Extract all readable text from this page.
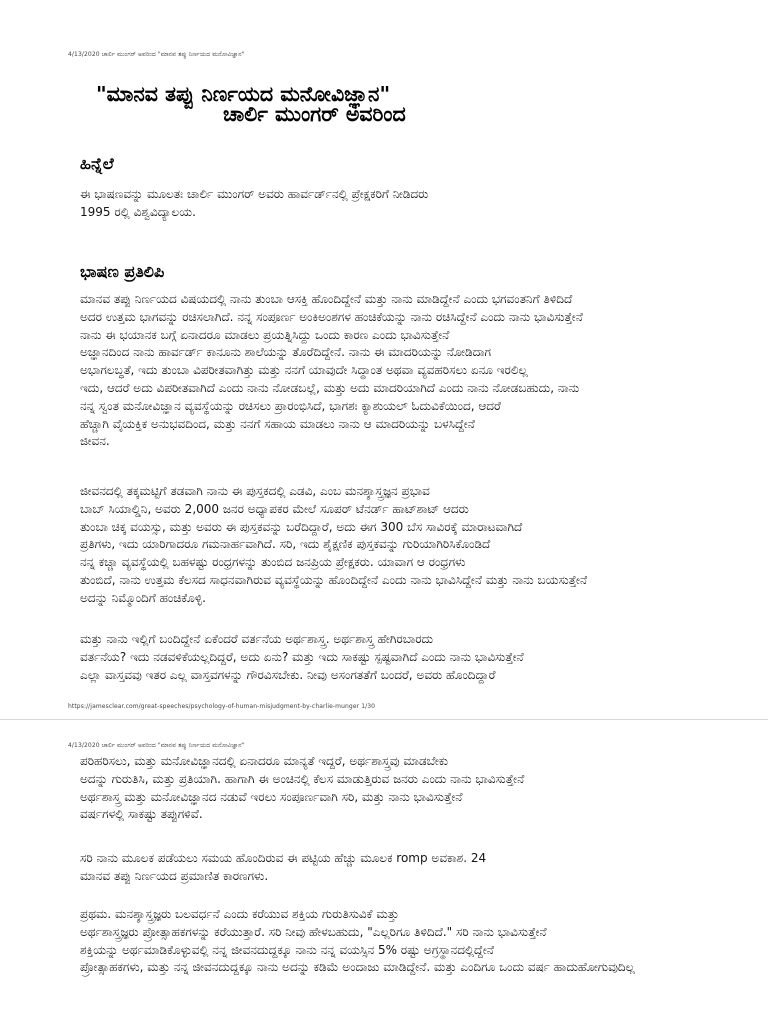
4/13/2020 ಚಾರ್ಲಿ ಮುಂಗರ್ ಅವರಿಂದ "ಮಾನವ ತಪ್ಪು ನಿರ್ಣಯದ ಮನೋವಿಜ್ಞಾನ"
"ಮಾನವ ತಪ್ಪು ನಿರ್ಣಯದ ಮನೋವಿಜ್ಞಾನ"
ಚಾರ್ಲಿ ಮುಂಗರ್ ಅವರಿಂದ
ಹಿನ್ನೆಲೆ
ಈ ಭಾಷಣವನ್ನು ಮೂಲತಃ ಚಾರ್ಲಿ ಮುಂಗರ್ ಅವರು ಹಾರ್ವರ್ಡ್‌ನಲ್ಲಿ ಪ್ರೇಕ್ಷಕರಿಗೆ ನೀಡಿದರು
1995 ರಲ್ಲಿ ವಿಶ್ವವಿದ್ಯಾಲಯ.
ಭಾಷಣ ಪ್ರತಿಲಿಪಿ
ಮಾನವ ತಪ್ಪು ನಿರ್ಣಯದ ವಿಷಯದಲ್ಲಿ ನಾನು ತುಂಬಾ ಆಸಕ್ತಿ ಹೊಂದಿದ್ದೇನೆ ಮತ್ತು ನಾನು ಮಾಡಿದ್ದೇನೆ ಎಂದು ಭಗವಂತನಿಗೆ ತಿಳಿದಿದೆ
ಅದರ ಉತ್ತಮ ಭಾಗವನ್ನು ರಚಿಸಲಾಗಿದೆ. ನನ್ನ ಸಂಪೂರ್ಣ ಅಂಕಿಅಂಶಗಳ ಹಂಚಿಕೆಯನ್ನು ನಾನು ರಚಿಸಿದ್ದೇನೆ ಎಂದು ನಾನು ಭಾವಿಸುತ್ತೇನೆ
ನಾನು ಈ ಭಯಾನಕ ಬಗ್ಗೆ ಏನಾದರೂ ಮಾಡಲು ಪ್ರಯತ್ನಿಸಿದ್ದು ಒಂದು ಕಾರಣ ಎಂದು ಭಾವಿಸುತ್ತೇನೆ
ಅಜ್ಞಾನದಿಂದ ನಾನು ಹಾರ್ವರ್ಡ್ ಕಾನೂನು ಶಾಲೆಯನ್ನು ತೊರೆದಿದ್ದೇನೆ. ನಾನು ಈ ಮಾದರಿಯನ್ನು ನೋಡಿದಾಗ
ಅಭಾಗಲಬ್ಧತೆ, ಇದು ತುಂಬಾ ವಿಪರೀತವಾಗಿತ್ತು ಮತ್ತು ನನಗೆ ಯಾವುದೇ ಸಿದ್ಧಾಂತ ಅಥವಾ ವ್ಯವಹರಿಸಲು ಏನೂ ಇರಲಿಲ್ಲ
ಇದು, ಆದರೆ ಅದು ವಿಪರೀತವಾಗಿದೆ ಎಂದು ನಾನು ನೋಡಬಲ್ಲೆ, ಮತ್ತು ಅದು ಮಾದರಿಯಾಗಿದೆ ಎಂದು ನಾನು ನೋಡಬಹುದು, ನಾನು
ನನ್ನ ಸ್ವಂತ ಮನೋವಿಜ್ಞಾನ ವ್ಯವಸ್ಥೆಯನ್ನು ರಚಿಸಲು ಪ್ರಾರಂಭಿಸಿದೆ, ಭಾಗಶಃ ಕ್ಯಾಶುಯಲ್ ಓದುವಿಕೆಯಿಂದ, ಆದರೆ
ಹೆಚ್ಚಾಗಿ ವೈಯಕ್ತಿಕ ಅನುಭವದಿಂದ, ಮತ್ತು ನನಗೆ ಸಹಾಯ ಮಾಡಲು ನಾನು ಆ ಮಾದರಿಯನ್ನು ಬಳಸಿದ್ದೇನೆ
ಜೀವನ.
ಜೀವನದಲ್ಲಿ ತಕ್ಕಮಟ್ಟಿಗೆ ತಡವಾಗಿ ನಾನು ಈ ಪುಸ್ತಕದಲ್ಲಿ ಎಡವಿ, ಎಂಬ ಮನಶ್ಶಾಸ್ತ್ರಜ್ಞನ ಪ್ರಭಾವ
ಬಾಬ್ ಸಿಯಾಲ್ಡಿನಿ, ಅವರು 2,000 ಜನರ ಅಧ್ಯಾಪಕರ ಮೇಲೆ ಸೂಪರ್ ಟೆನರ್ಡ್ ಹಾಟ್‌ಶಾಟ್ ಆದರು
ತುಂಬಾ ಚಿಕ್ಕ ವಯಸ್ಸು, ಮತ್ತು ಅವರು ಈ ಪುಸ್ತಕವನ್ನು ಬರೆದಿದ್ದಾರೆ, ಅದು ಈಗ 300 ಬೆಸ ಸಾವಿರಕ್ಕೆ ಮಾರಾಟವಾಗಿದೆ
ಪ್ರತಿಗಳು, ಇದು ಯಾರಿಗಾದರೂ ಗಮನಾರ್ಹವಾಗಿದೆ. ಸರಿ, ಇದು ಶೈಕ್ಷಣಿಕ ಪುಸ್ತಕವನ್ನು ಗುರಿಯಾಗಿರಿಸಿಕೊಂಡಿದೆ
ನನ್ನ ಕಚ್ಚಾ ವ್ಯವಸ್ಥೆಯಲ್ಲಿ ಬಹಳಷ್ಟು ರಂಧ್ರಗಳನ್ನು ತುಂಬಿದ ಜನಪ್ರಿಯ ಪ್ರೇಕ್ಷಕರು. ಯಾವಾಗ ಆ ರಂಧ್ರಗಳು
ತುಂಬಿದೆ, ನಾನು ಉತ್ತಮ ಕೆಲಸದ ಸಾಧನವಾಗಿರುವ ವ್ಯವಸ್ಥೆಯನ್ನು ಹೊಂದಿದ್ದೇನೆ ಎಂದು ನಾನು ಭಾವಿಸಿದ್ದೇನೆ ಮತ್ತು ನಾನು ಬಯಸುತ್ತೇನೆ
ಅದನ್ನು ನಿಮ್ಮೊಂದಿಗೆ ಹಂಚಿಕೊಳ್ಳಿ.
ಮತ್ತು ನಾನು ಇಲ್ಲಿಗೆ ಬಂದಿದ್ದೇನೆ ಏಕೆಂದರೆ ವರ್ತನೆಯ ಅರ್ಥಶಾಸ್ತ್ರ. ಅರ್ಥಶಾಸ್ತ್ರ ಹೇಗಿರಬಾರದು
ವರ್ತನೆಯ? ಇದು ನಡವಳಿಕೆಯಲ್ಲದಿದ್ದರೆ, ಅದು ಏನು? ಮತ್ತು ಇದು ಸಾಕಷ್ಟು ಸ್ಪಷ್ಟವಾಗಿದೆ ಎಂದು ನಾನು ಭಾವಿಸುತ್ತೇನೆ
ಎಲ್ಲಾ ವಾಸ್ತವವು ಇತರ ಎಲ್ಲ ವಾಸ್ತವಗಳನ್ನು ಗೌರವಿಸಬೇಕು. ನೀವು ಅಸಂಗತತೆಗೆ ಬಂದರೆ, ಅವರು ಹೊಂದಿದ್ದಾರೆ
https://jamesclear.com/great-speeches/psychology-of-human-misjudgment-by-charlie-munger 1/30
4/13/2020 ಚಾರ್ಲಿ ಮುಂಗರ್ ಅವರಿಂದ "ಮಾನವ ತಪ್ಪು ನಿರ್ಣಯದ ಮನೋವಿಜ್ಞಾನ"
ಪರಿಹರಿಸಲು, ಮತ್ತು ಮನೋವಿಜ್ಞಾನದಲ್ಲಿ ಏನಾದರೂ ಮಾನ್ಯತೆ ಇದ್ದರೆ, ಅರ್ಥಶಾಸ್ತ್ರವು ಮಾಡಬೇಕು
ಅದನ್ನು ಗುರುತಿಸಿ, ಮತ್ತು ಪ್ರತಿಯಾಗಿ. ಹಾಗಾಗಿ ಈ ಅಂಚಿನಲ್ಲಿ ಕೆಲಸ ಮಾಡುತ್ತಿರುವ ಜನರು ಎಂದು ನಾನು ಭಾವಿಸುತ್ತೇನೆ
ಅರ್ಥಶಾಸ್ತ್ರ ಮತ್ತು ಮನೋವಿಜ್ಞಾನದ ನಡುವೆ ಇರಲು ಸಂಪೂರ್ಣವಾಗಿ ಸರಿ, ಮತ್ತು ನಾನು ಭಾವಿಸುತ್ತೇನೆ
ವರ್ಷಗಳಲ್ಲಿ ಸಾಕಷ್ಟು ತಪ್ಪುಗಳಿವೆ.
ಸರಿ ನಾನು ಮೂಲಕ ಪಡೆಯಲು ಸಮಯ ಹೊಂದಿರುವ ಈ ಪಟ್ಟಿಯ ಹೆಚ್ಚು ಮೂಲಕ romp ಅವಕಾಶ. 24
ಮಾನವ ತಪ್ಪು ನಿರ್ಣಯದ ಪ್ರಮಾಣಿತ ಕಾರಣಗಳು.
ಪ್ರಥಮ. ಮನಶ್ಶಾಸ್ತ್ರಜ್ಞರು ಬಲವರ್ಧನೆ ಎಂದು ಕರೆಯುವ ಶಕ್ತಿಯ ಗುರುತಿಸುವಿಕೆ ಮತ್ತು
ಅರ್ಥಶಾಸ್ತ್ರಜ್ಞರು ಪ್ರೋತ್ಸಾಹಕಗಳನ್ನು ಕರೆಯುತ್ತಾರೆ. ಸರಿ ನೀವು ಹೇಳಬಹುದು, "ಎಲ್ಲರಿಗೂ ತಿಳಿದಿದೆ." ಸರಿ ನಾನು ಭಾವಿಸುತ್ತೇನೆ
ಶಕ್ತಿಯನ್ನು ಅರ್ಥಮಾಡಿಕೊಳ್ಳುವಲ್ಲಿ ನನ್ನ ಜೀವನದುದ್ದಕ್ಕೂ ನಾನು ನನ್ನ ವಯಸ್ಸಿನ 5% ರಷ್ಟು ಅಗ್ರಸ್ಥಾನದಲ್ಲಿದ್ದೇನೆ
ಪ್ರೋತ್ಸಾಹಕಗಳು, ಮತ್ತು ನನ್ನ ಜೀವನದುದ್ದಕ್ಕೂ ನಾನು ಅದನ್ನು ಕಡಿಮೆ ಅಂದಾಜು ಮಾಡಿದ್ದೇನೆ. ಮತ್ತು ಎಂದಿಗೂ ಒಂದು ವರ್ಷ ಹಾದುಹೋಗುವುದಿಲ್ಲ
